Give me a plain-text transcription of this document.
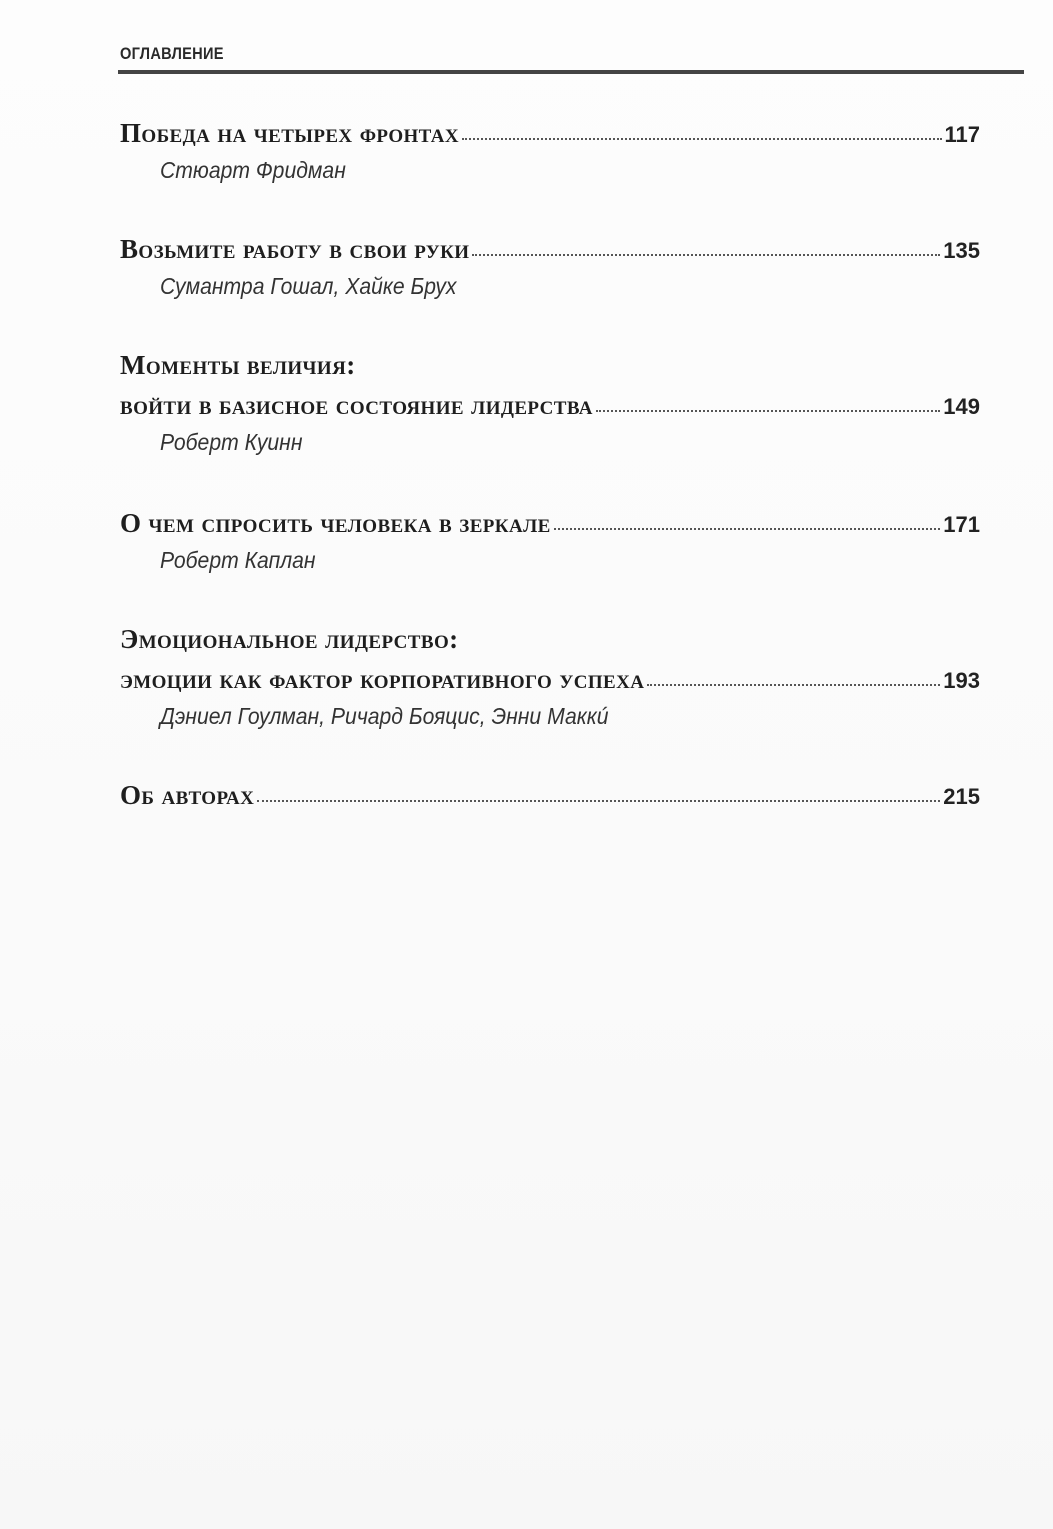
ОГЛАВЛЕНИЕ
Победа на четырех фронтах	117
Стюарт Фридман
Возьмите работу в свои руки	135
Сумантра Гошал, Хайке Брух
Моменты величия:
войти в базисное состояние лидерства	149
Роберт Куинн
О чем спросить человека в зеркале	171
Роберт Каплан
Эмоциональное лидерство:
эмоции как фактор корпоративного успеха	193
Дэниел Гоулман, Ричард Бояцис, Энни Маккú
Об авторах	215
